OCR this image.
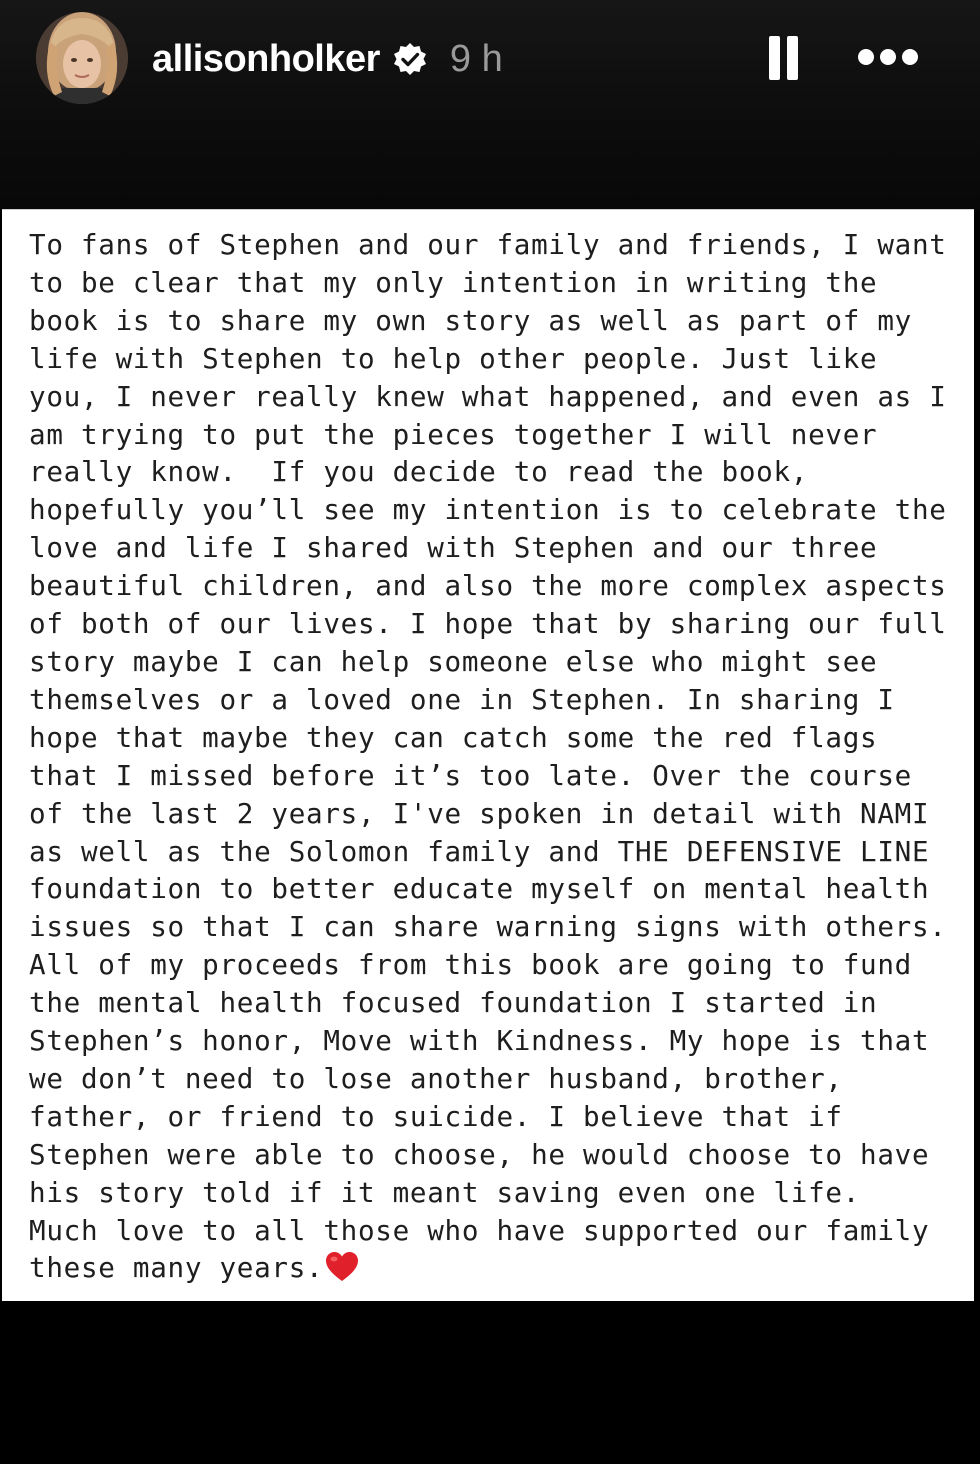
allisonholker 9 h
To fans of Stephen and our family and friends, I want
to be clear that my only intention in writing the
book is to share my own story as well as part of my
life with Stephen to help other people. Just like
you, I never really knew what happened, and even as I
am trying to put the pieces together I will never
really know.  If you decide to read the book,
hopefully you’ll see my intention is to celebrate the
love and life I shared with Stephen and our three
beautiful children, and also the more complex aspects
of both of our lives. I hope that by sharing our full
story maybe I can help someone else who might see
themselves or a loved one in Stephen. In sharing I
hope that maybe they can catch some the red flags
that I missed before it’s too late. Over the course
of the last 2 years, I've spoken in detail with NAMI
as well as the Solomon family and THE DEFENSIVE LINE
foundation to better educate myself on mental health
issues so that I can share warning signs with others.
All of my proceeds from this book are going to fund
the mental health focused foundation I started in
Stephen’s honor, Move with Kindness. My hope is that
we don’t need to lose another husband, brother,
father, or friend to suicide. I believe that if
Stephen were able to choose, he would choose to have
his story told if it meant saving even one life.
Much love to all those who have supported our family
these many years.
